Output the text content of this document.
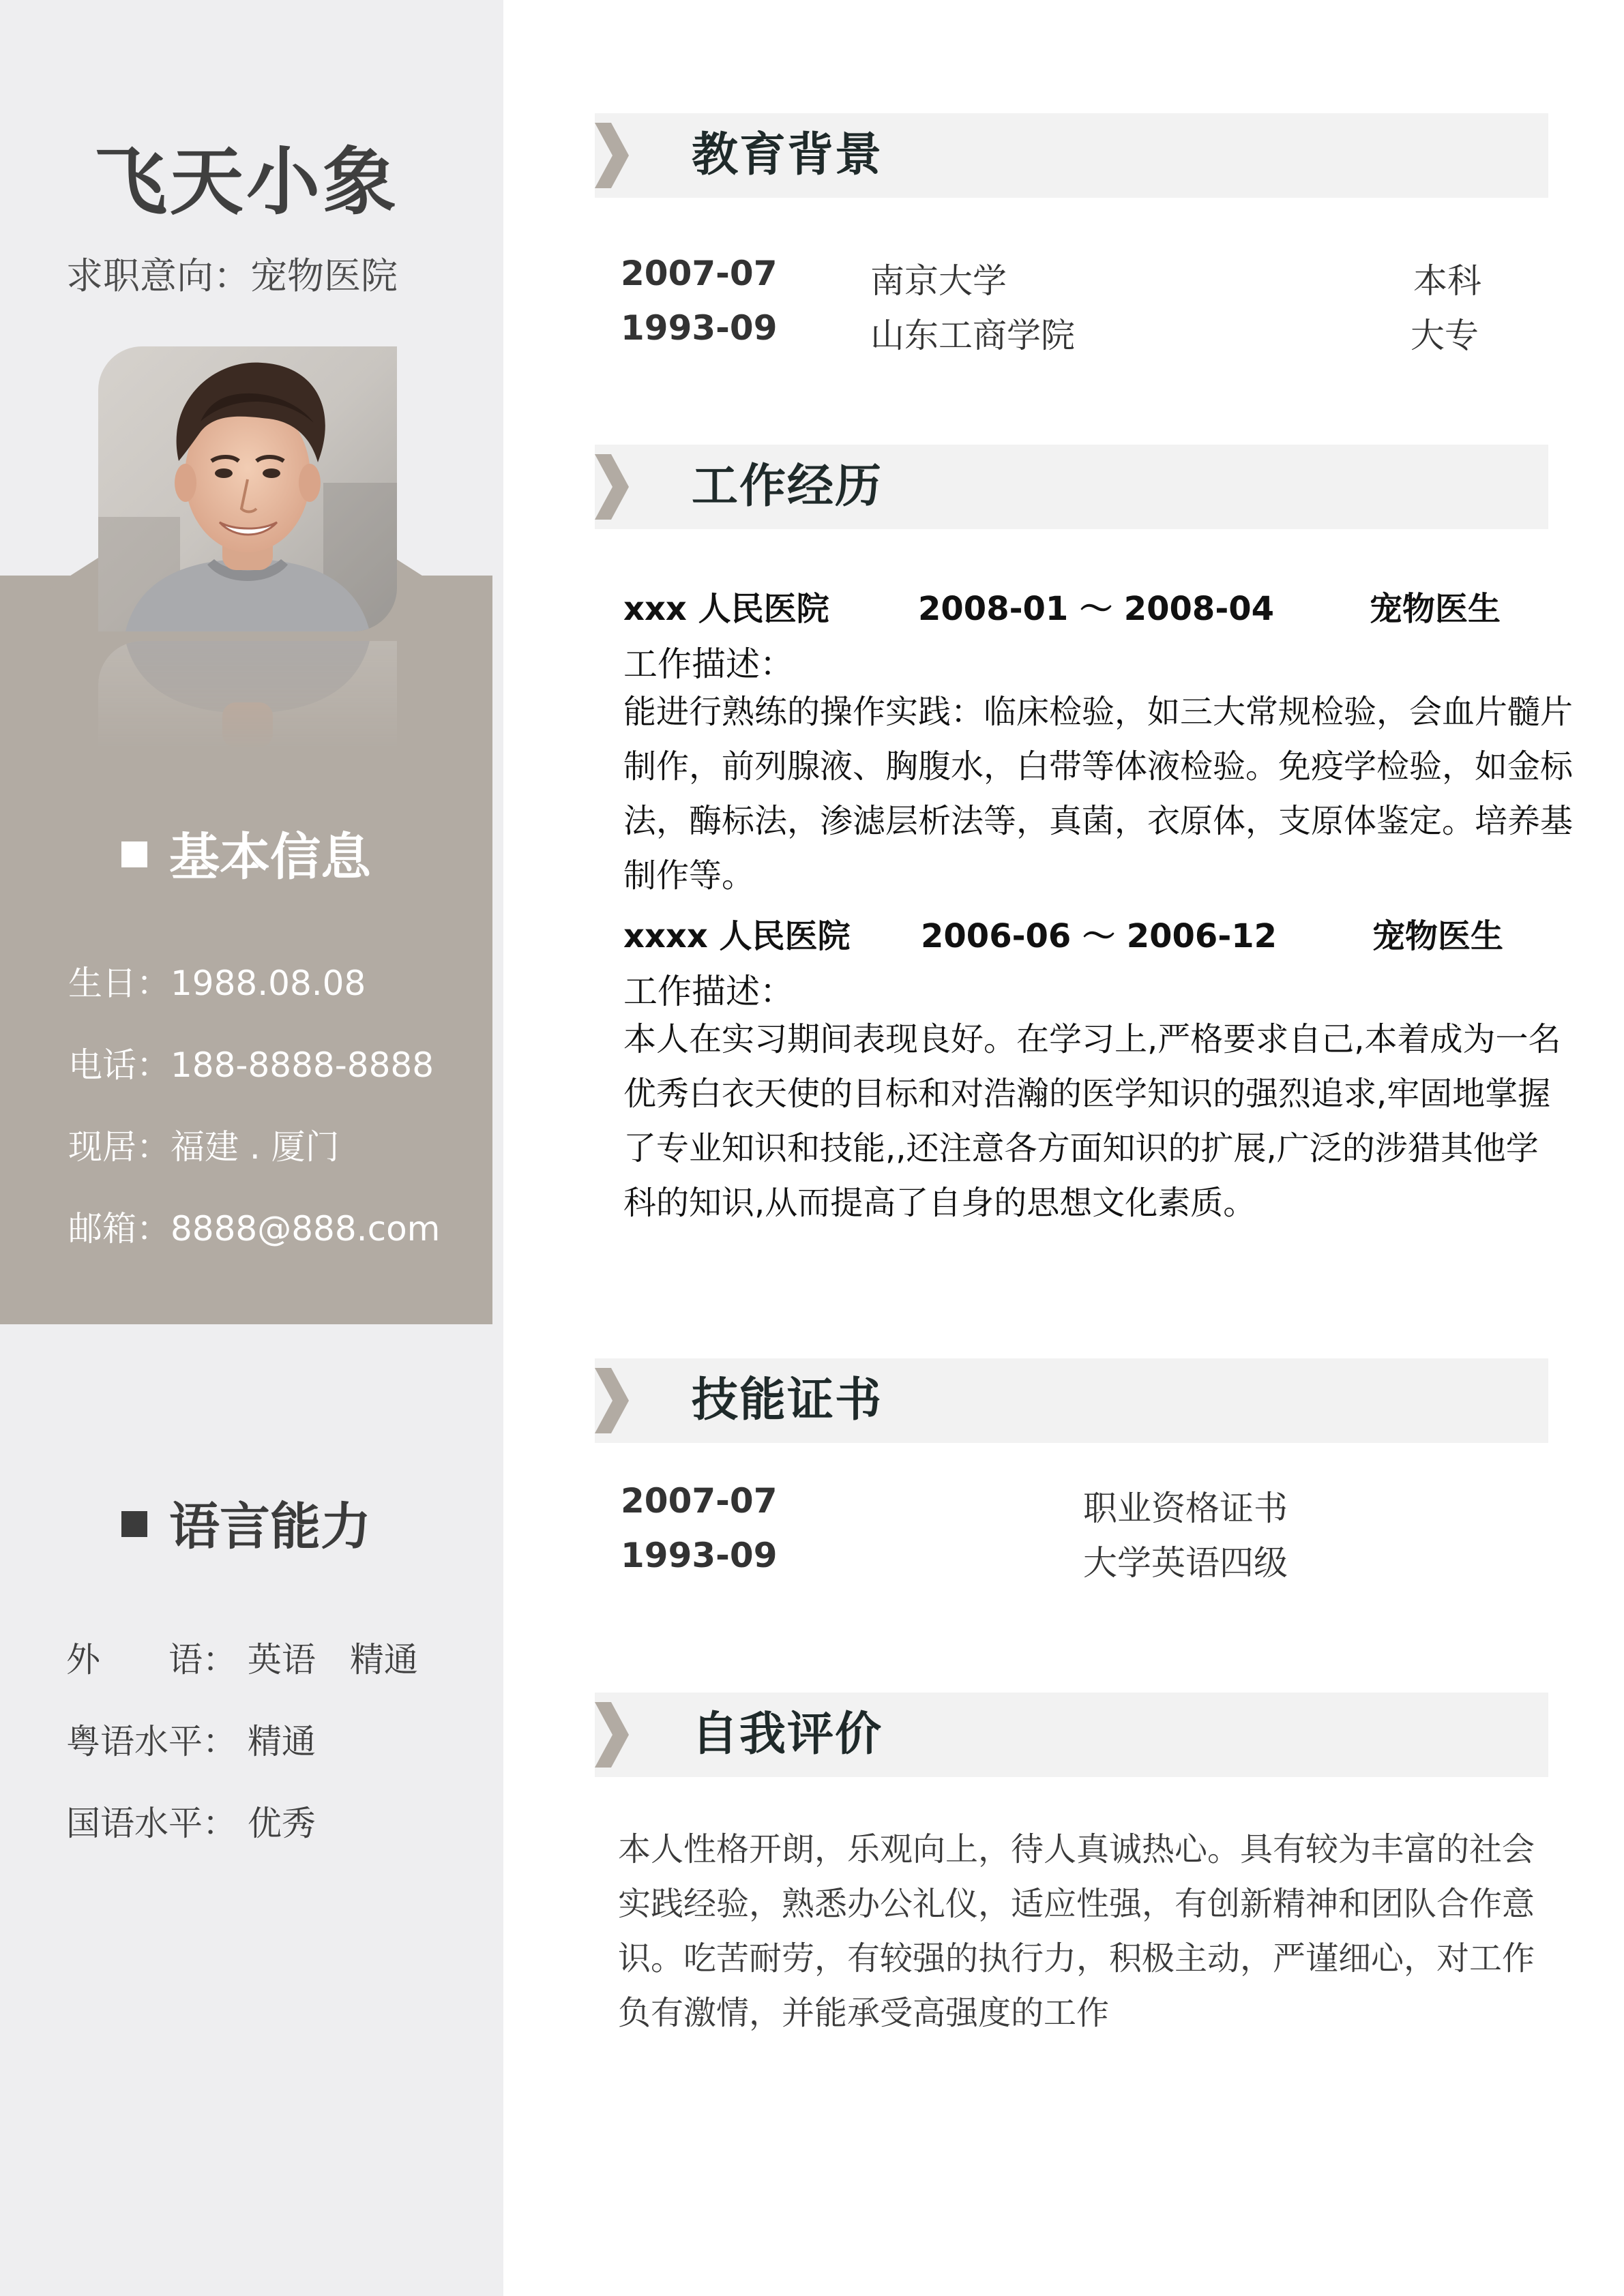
飞天小象
求职意向：宠物医院
基本信息
生日：1988.08.08
电话：188-8888-8888
现居：福建 . 厦门
邮箱：8888@888.com
语言能力
外　　语： 英语　精通
粤语水平： 精通
国语水平： 优秀
教育背景
2007-07	南京大学	本科
1993-09	山东工商学院	大专
工作经历
xxx 人民医院	2008-01 ～ 2008-04	宠物医生
工作描述：
能进行熟练的操作实践：临床检验，如三大常规检验，会血片髓片
制作，前列腺液、胸腹水，白带等体液检验。免疫学检验，如金标
法，酶标法，渗滤层析法等，真菌，衣原体，支原体鉴定。培养基
制作等。
xxxx 人民医院 2006-06 ～ 2006-12	宠物医生
工作描述：
本人在实习期间表现良好。在学习上,严格要求自己,本着成为一名
优秀白衣天使的目标和对浩瀚的医学知识的强烈追求,牢固地掌握
了专业知识和技能,,还注意各方面知识的扩展,广泛的涉猎其他学
科的知识,从而提高了自身的思想文化素质。
技能证书
2007-07	职业资格证书
1993-09	大学英语四级
自我评价
本人性格开朗，乐观向上，待人真诚热心。具有较为丰富的社会
实践经验，熟悉办公礼仪，适应性强，有创新精神和团队合作意
识。吃苦耐劳，有较强的执行力，积极主动，严谨细心，对工作
负有激情，并能承受高强度的工作
